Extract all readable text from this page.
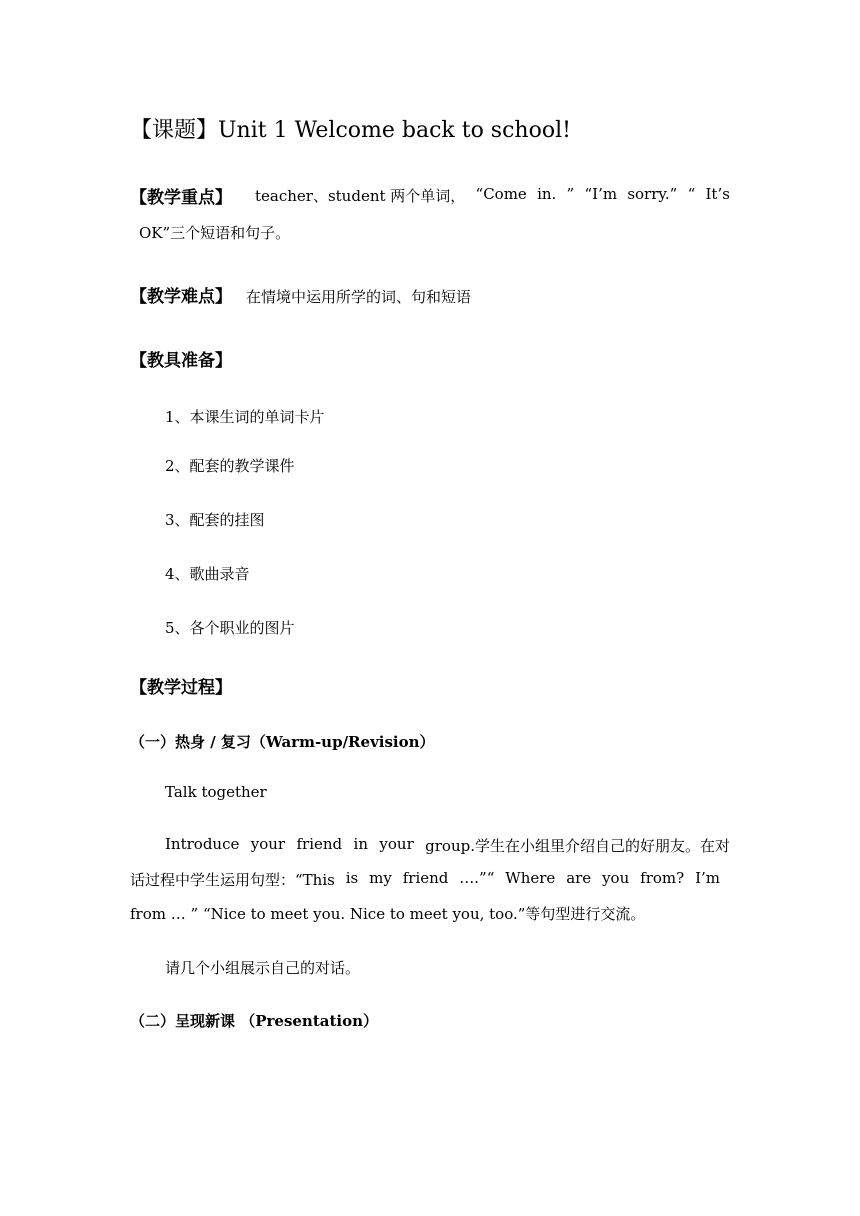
【课题】Unit 1 Welcome back to school!
【教学重点】 teacher、student 两个单词， “Come in. ” “I’m sorry.” “ It’s
OK”三个短语和句子。
【教学难点】 在情境中运用所学的词、句和短语
【教具准备】
1、本课生词的单词卡片
2、配套的教学课件
3、配套的挂图
4、歌曲录音
5、各个职业的图片
【教学过程】
（一）热身 / 复习（Warm-up/Revision）
Talk together
Introduce your friend in your group.学生在小组里介绍自己的好朋友。在对
话过程中学生运用句型：“This is my friend ….”“ Where are you from? I’m
from … ” “Nice to meet you. Nice to meet you, too.”等句型进行交流。
请几个小组展示自己的对话。
（二）呈现新课 （Presentation）
